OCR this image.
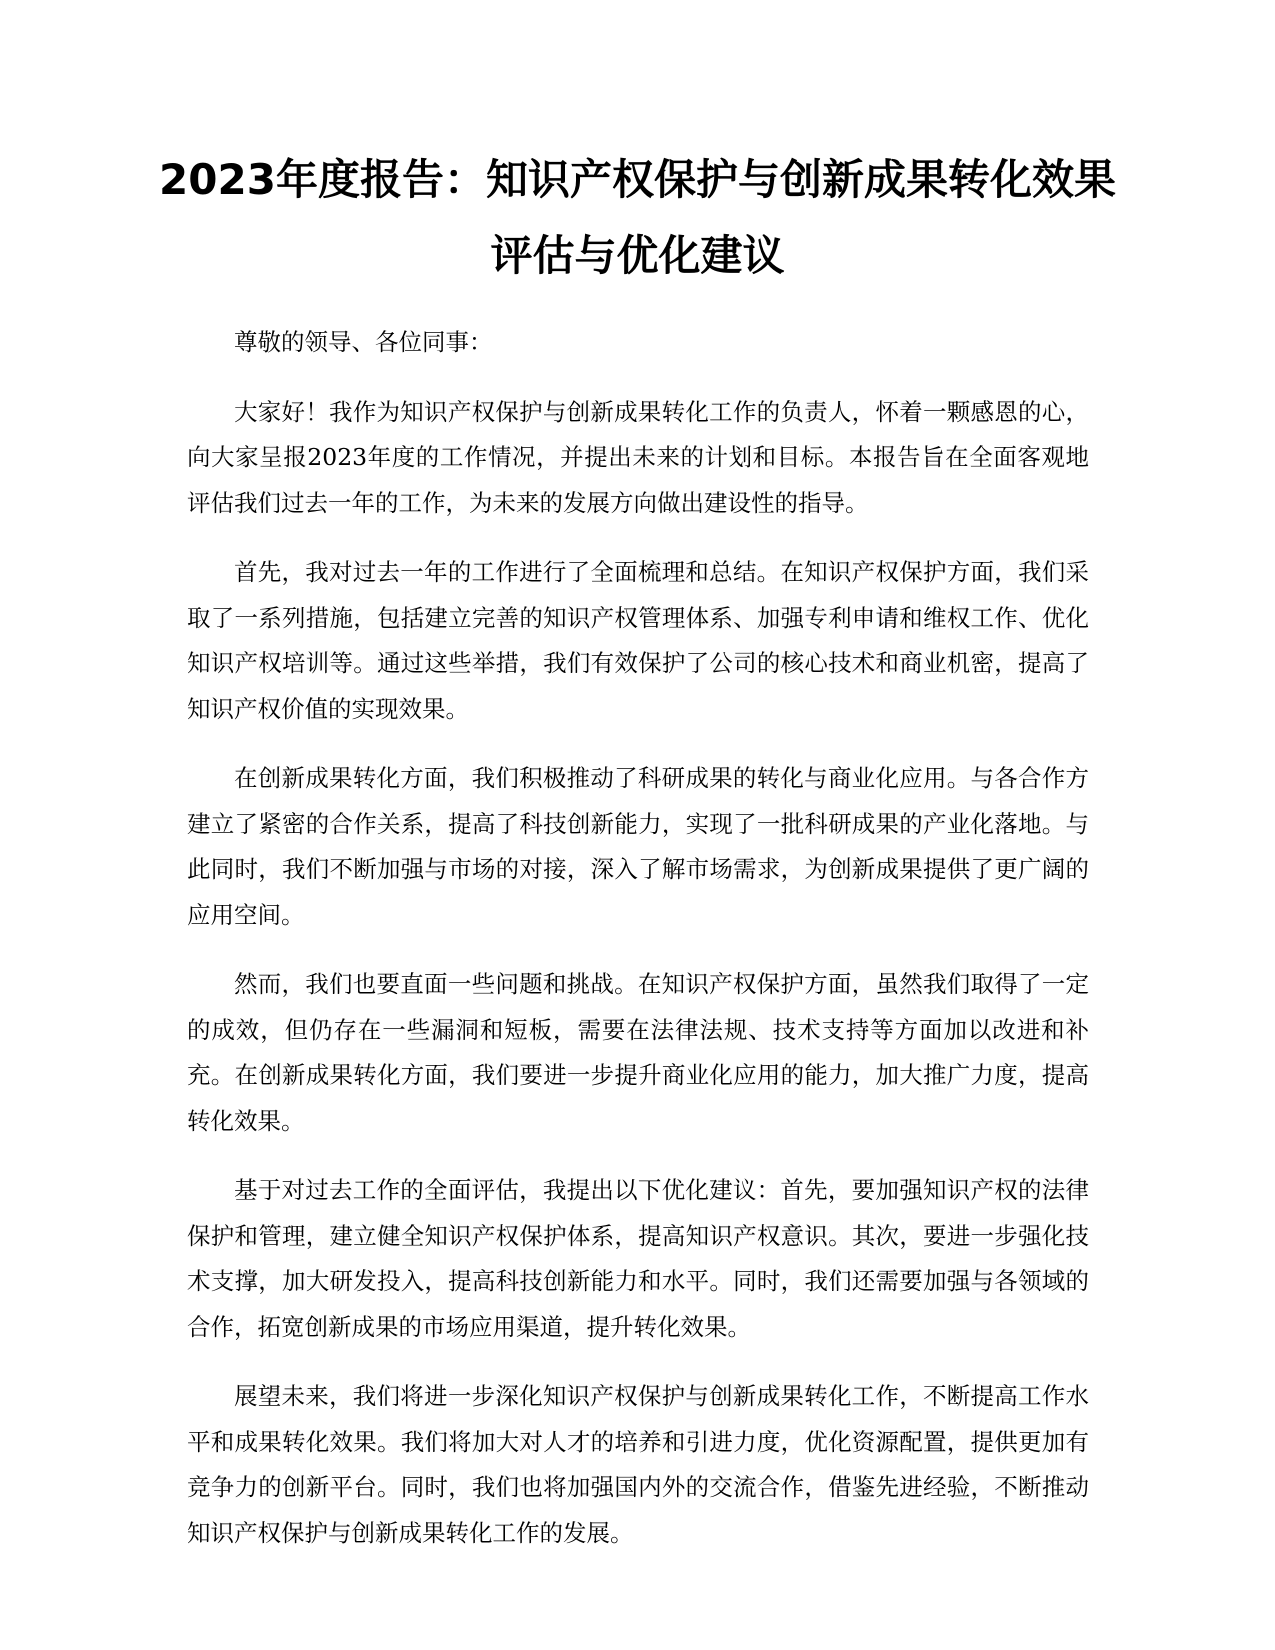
2023年度报告：知识产权保护与创新成果转化效果评估与优化建议

尊敬的领导、各位同事：

大家好！我作为知识产权保护与创新成果转化工作的负责人，怀着一颗感恩的心，向大家呈报2023年度的工作情况，并提出未来的计划和目标。本报告旨在全面客观地评估我们过去一年的工作，为未来的发展方向做出建设性的指导。

首先，我对过去一年的工作进行了全面梳理和总结。在知识产权保护方面，我们采取了一系列措施，包括建立完善的知识产权管理体系、加强专利申请和维权工作、优化知识产权培训等。通过这些举措，我们有效保护了公司的核心技术和商业机密，提高了知识产权价值的实现效果。

在创新成果转化方面，我们积极推动了科研成果的转化与商业化应用。与各合作方建立了紧密的合作关系，提高了科技创新能力，实现了一批科研成果的产业化落地。与此同时，我们不断加强与市场的对接，深入了解市场需求，为创新成果提供了更广阔的应用空间。

然而，我们也要直面一些问题和挑战。在知识产权保护方面，虽然我们取得了一定的成效，但仍存在一些漏洞和短板，需要在法律法规、技术支持等方面加以改进和补充。在创新成果转化方面，我们要进一步提升商业化应用的能力，加大推广力度，提高转化效果。

基于对过去工作的全面评估，我提出以下优化建议：首先，要加强知识产权的法律保护和管理，建立健全知识产权保护体系，提高知识产权意识。其次，要进一步强化技术支撑，加大研发投入，提高科技创新能力和水平。同时，我们还需要加强与各领域的合作，拓宽创新成果的市场应用渠道，提升转化效果。

展望未来，我们将进一步深化知识产权保护与创新成果转化工作，不断提高工作水平和成果转化效果。我们将加大对人才的培养和引进力度，优化资源配置，提供更加有竞争力的创新平台。同时，我们也将加强国内外的交流合作，借鉴先进经验，不断推动知识产权保护与创新成果转化工作的发展。
